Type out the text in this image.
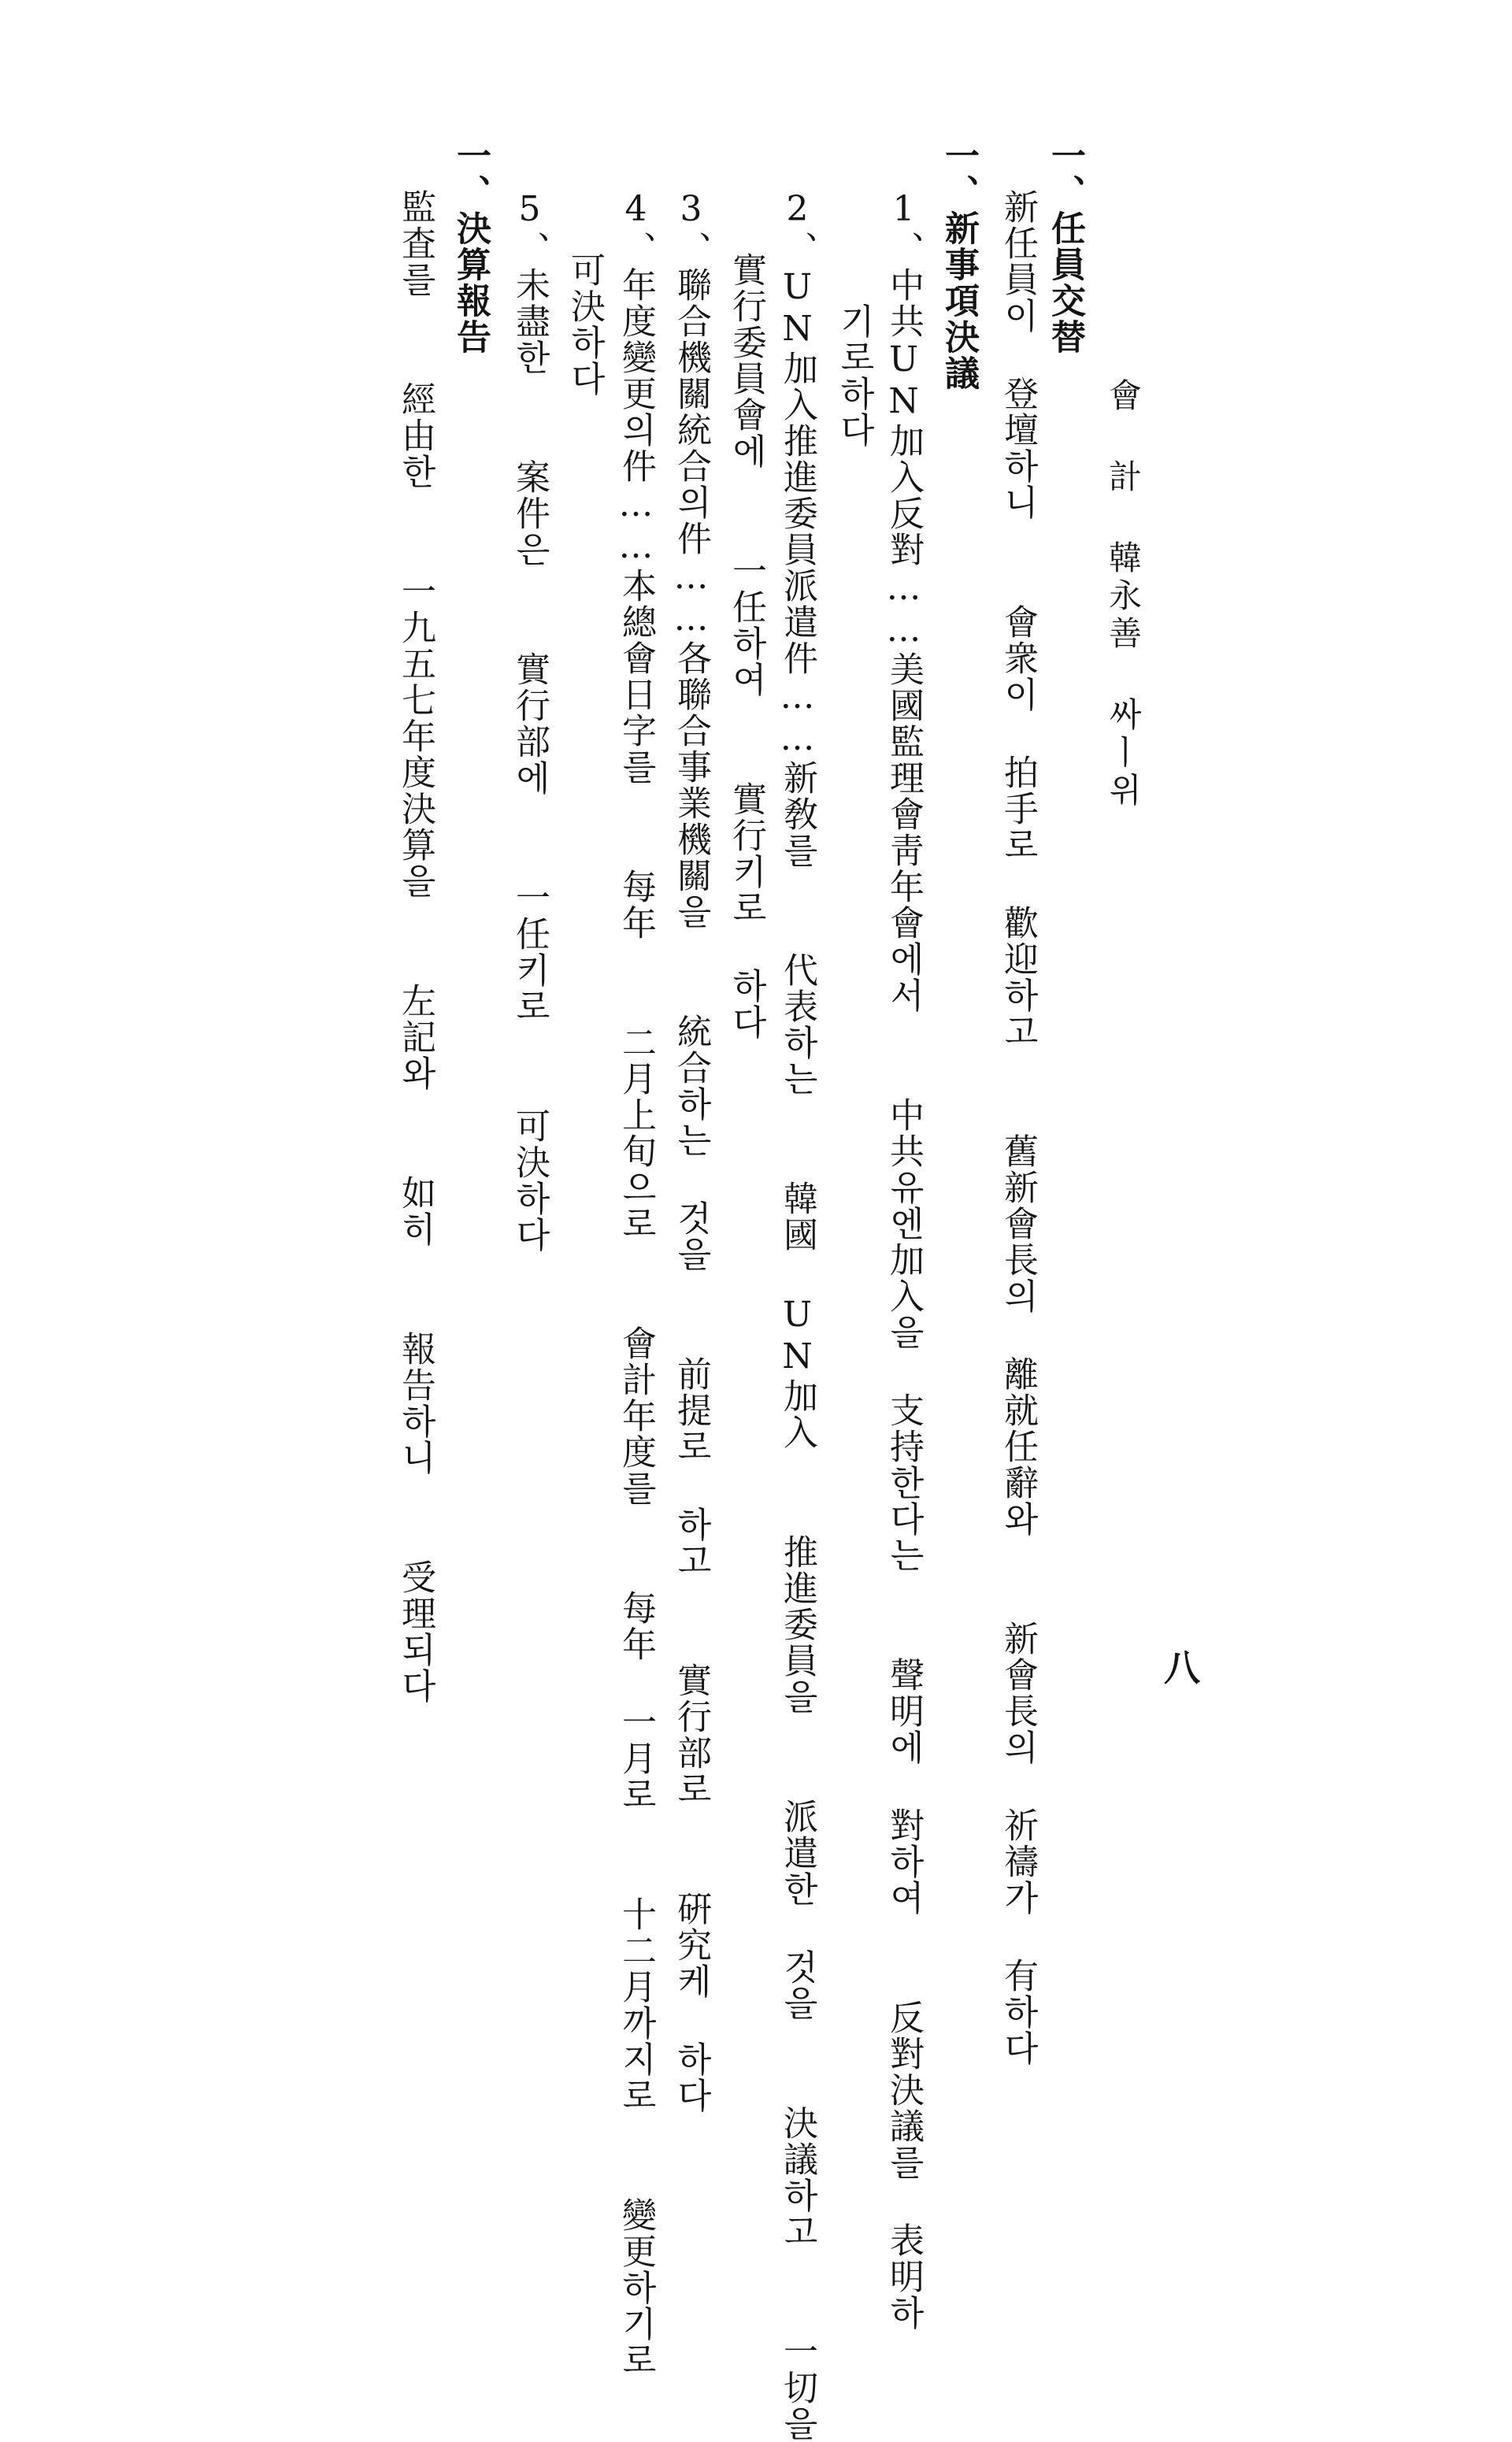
八
會 計 韓永善 싸ㅣ위
一、任員交替
新任員이 登壇하니  會衆이 拍手로 歡迎하고  舊新會長의 離就任辭와  新會長의 祈禱가 有하다
一、新事項決議
1、中共UN加入反對……美國監理會靑年會에서  中共유엔加入을 支持한다는  聲明에 對하여  反對決議를 表明하
기로하다
2、UN加入推進委員派遣件……新敎를  代表하는  韓國 UN加入  推進委員을  派遣한 것을  決議하고  一切을
實行委員會에  一任하여  實行키로 하다
3、聯合機關統合의件……各聯合事業機關을  統合하는 것을  前提로 하고  實行部로  硏究케 하다
4、年度變更의件……本總會日字를  每年  二月上旬으로  會計年度를  每年 一月로  十二月까지로  變更하기로
可決하다
5、未盡한  案件은  實行部에  一任키로  可決하다
一、決算報告
監査를  經由한  一九五七年度決算을  左記와  如히  報告하니  受理되다
